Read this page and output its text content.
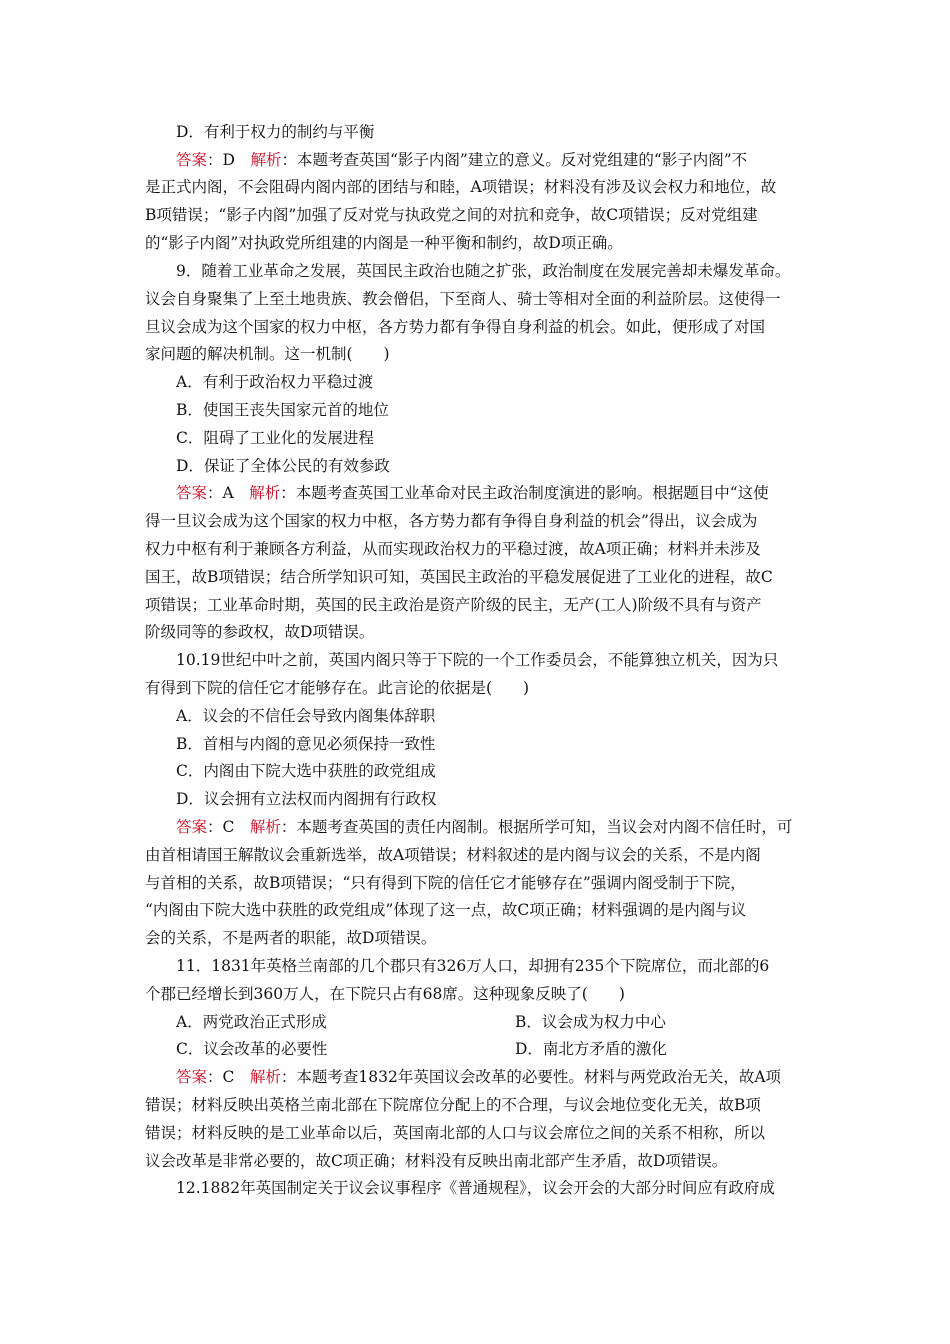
D．有利于权力的制约与平衡
答案：D　解析：本题考查英国“影子内阁”建立的意义。反对党组建的“影子内阁”不
是正式内阁，不会阻碍内阁内部的团结与和睦，A项错误；材料没有涉及议会权力和地位，故
B项错误；“影子内阁”加强了反对党与执政党之间的对抗和竞争，故C项错误；反对党组建
的“影子内阁”对执政党所组建的内阁是一种平衡和制约，故D项正确。
9．随着工业革命之发展，英国民主政治也随之扩张，政治制度在发展完善却未爆发革命。
议会自身聚集了上至土地贵族、教会僧侣，下至商人、骑士等相对全面的利益阶层。这使得一
旦议会成为这个国家的权力中枢，各方势力都有争得自身利益的机会。如此，便形成了对国
家问题的解决机制。这一机制(　　)
A．有利于政治权力平稳过渡
B．使国王丧失国家元首的地位
C．阻碍了工业化的发展进程
D．保证了全体公民的有效参政
答案：A　解析：本题考查英国工业革命对民主政治制度演进的影响。根据题目中“这使
得一旦议会成为这个国家的权力中枢，各方势力都有争得自身利益的机会”得出，议会成为
权力中枢有利于兼顾各方利益，从而实现政治权力的平稳过渡，故A项正确；材料并未涉及
国王，故B项错误；结合所学知识可知，英国民主政治的平稳发展促进了工业化的进程，故C
项错误；工业革命时期，英国的民主政治是资产阶级的民主，无产(工人)阶级不具有与资产
阶级同等的参政权，故D项错误。
10.19世纪中叶之前，英国内阁只等于下院的一个工作委员会，不能算独立机关，因为只
有得到下院的信任它才能够存在。此言论的依据是(　　)
A．议会的不信任会导致内阁集体辞职
B．首相与内阁的意见必须保持一致性
C．内阁由下院大选中获胜的政党组成
D．议会拥有立法权而内阁拥有行政权
答案：C　解析：本题考查英国的责任内阁制。根据所学可知，当议会对内阁不信任时，可
由首相请国王解散议会重新选举，故A项错误；材料叙述的是内阁与议会的关系，不是内阁
与首相的关系，故B项错误；“只有得到下院的信任它才能够存在”强调内阁受制于下院，
“内阁由下院大选中获胜的政党组成”体现了这一点，故C项正确；材料强调的是内阁与议
会的关系，不是两者的职能，故D项错误。
11．1831年英格兰南部的几个郡只有326万人口，却拥有235个下院席位，而北部的6
个郡已经增长到360万人，在下院只占有68席。这种现象反映了(　　)
A．两党政治正式形成	B．议会成为权力中心
C．议会改革的必要性	D．南北方矛盾的激化
答案：C　解析：本题考查1832年英国议会改革的必要性。材料与两党政治无关，故A项
错误；材料反映出英格兰南北部在下院席位分配上的不合理，与议会地位变化无关，故B项
错误；材料反映的是工业革命以后，英国南北部的人口与议会席位之间的关系不相称，所以
议会改革是非常必要的，故C项正确；材料没有反映出南北部产生矛盾，故D项错误。
12.1882年英国制定关于议会议事程序《普通规程》，议会开会的大部分时间应有政府成
